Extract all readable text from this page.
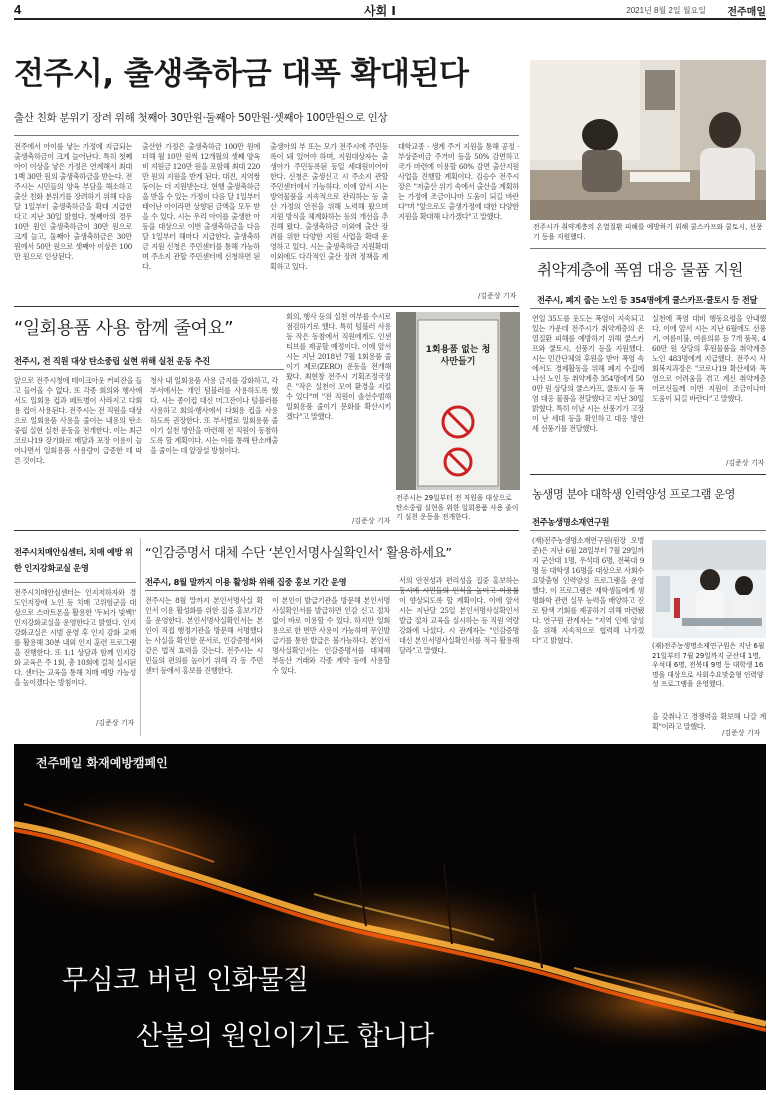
4	사회 I	2021년 8월 2일 월요일 전주매일
전주시, 출생축하금 대폭 확대된다
출산 친화 분위기 장려 위해 첫째아 30만원·둘째아 50만원·셋째아 100만원으로 인상
전주에서 아이를 낳는 가정에 지급되는 출생축하금이 크게 늘어난다. 특히 첫째 아이 이상을 낳은 가정은 연계해서 최대 1백 30만 원의 출생축하금을 받는다. 전주시는 시민들의 양육 부담을 해소하고 출산 친화 분위기를 장려하기 위해 다음 달 1일부터 출생축하금을 확대 지급한다고 지난 30일 밝혔다. 첫째아의 경우 10만 원인 출생축하금이 30만 원으로 크게 늘고, 둘째아 출생축하금은 30만 원에서 50만 원으로 셋째아 이상은 100만 원으로 인상된다.
출산한 가정은 출생축하금 100만 원에 더해 월 10만 원씩 12개월의 셋째 양육비 지원금 120만 원을 포함해 최대 220만 원의 지원을 받게 된다. 대진, 지역쌍둥이는 더 지원받는다. 현행 출생축하금을 받을 수 있는 가정이 다음 달 1일부터 태어난 아이라면 상향된 금액을 모두 받을 수 있다. 시는 우리 아이를 출생한 아동을 대상으로 이번 출생축하금을 다음 달 1일부터 해마다 지급한다. 출생축하금 지원 신청은 주민센터를 통해 가능하며 주소지 관할 주민센터에 신청하면 된다.
출생아의 부 또는 모가 전주시에 주민등록이 돼 있어야 하며, 지원대상자는 출생아가 주민등록된 동일 세대원이어야 한다. 신청은 출생신고 시 주소지 관할 주민센터에서 가능하다. 이에 앞서 시는 방역물품을 지속적으로 관리하는 등 출산 가정의 안전을 위해 노력해 왔으며 지원 방식을 체계화하는 등의 개선을 추진해 왔다. 출생축하금 이외에 출산 장려를 위한 다양한 지원 사업을 확대 운영하고 있다. 시는 출생축하금 지원확대 이외에도 다각적인 출산 장려 정책을 계획하고 있다.
대학교종 · 생계 주거 지원을 통해 공정 · 부상준비금 주거비 등을 50% 감면하고 국가 마련에 이용할 60% 감면 출산지원사업을 진행할 계획이다. 김승수 전주시장은 "저출산 위기 속에서 출산을 계획하는 가정에 조금이나마 도움이 되길 바란다"며 "앞으로도 출생가정에 대한 다양한 지원을 확대해 나가겠다"고 말했다.
/김준상 기자
전주시가 취약계층의 온열질환 피해를 예방하기 위해 쿨스카프와 쿨토시, 선풍기 등을 지원했다.
취약계층에 폭염 대응 물품 지원
전주시, 폐지 줍는 노인 등 354명에게 쿨스카프·쿨토시 등 전달
연일 35도를 웃도는 폭염이 지속되고 있는 가운데 전주시가 취약계층의 온열질환 피해를 예방하기 위해 쿨스카프와 쿨토시, 선풍기 등을 지원했다. 시는 민간단체의 후원을 받아 폭염 속에서도 경제활동을 위해 폐지 수집에 나선 노인 등 취약계층 354명에게 500만 원 상당의 쿨스카프, 쿨토시 등 폭염 대응 물품을 전달했다고 지난 30일 밝혔다. 특히 이날 시는 선풍기가 고장이 난 세대 등을 확인하고 대응 방안 세 선풍기를 전달했다.
실천에 폭염 대비 행동요령을 안내했다. 이에 앞서 시는 지난 6월에도 선풍기, 여름이불, 여름의류 등 7개 품목, 460만 원 상당의 후원물품을 취약계층 노인 483명에게 지급했다. 전주시 사회복지과장은 "코로나19 확산세와 폭염으로 어려움을 겪고 계신 취약계층 어르신들께 이번 지원이 조금이나마 도움이 되길 바란다"고 말했다.
/김준상 기자
“일회용품 사용 함께 줄여요”
전주시, 전 직원 대상 탄소중립 실현 위해 실천 운동 추진
앞으로 전주시청에 테이크아웃 커피잔을 들고 들어올 수 없다. 또 각종 회의와 행사에서도 일회용 컵과 페트병이 사라지고 다회용 컵이 사용된다. 전주시는 전 직원을 대상으로 일회용품 사용을 줄이는 내용의 탄소중립 실현 실천 운동을 전개한다. 이는 최근 코로나19 장기화로 배달과 포장 이용이 늘어나면서 일회용품 사용량이 급증한 데 따른 것이다.
청사 내 일회용품 사용 금지를 강화하고, 각 부서에서는 개인 텀블러를 사용하도록 했다. 시는 종이컵 대신 머그잔이나 텀블러를 사용하고 회의·행사에서 다회용 컵을 사용하도록 권장한다. 또 부서별로 일회용품 줄이기 실천 방안을 마련해 전 직원이 동참하도록 할 계획이다. 시는 이를 통해 탄소배출을 줄이는 데 앞장설 방침이다.
회의, 행사 등의 실천 여부를 수시로 점검하기로 했다. 특히 텀블러 사용 등 작은 동참에서 직원에게도 인센티브를 제공할 예정이다. 이에 앞서 시는 지난 2018년 7월 1회용품 줄이기 제로(ZERO) 운동을 전개해 왔다. 최현창 전주시 기획조정국장은 "작은 실천이 모여 환경을 지킬 수 있다"며 "전 직원이 솔선수범해 일회용품 줄이기 문화를 확산시키겠다"고 말했다.
/김준상 기자
1회용품 없는 청사만들기
전주시는 29일부터 전 직원을 대상으로 탄소중립 실현을 위한 일회용품 사용 줄이기 실천 운동을 전개한다.
전주시치매안심센터, 치매 예방 위한 인지강화교실 운영
전주시치매안심센터는 인지저하자와 경도인지장애 노인 등 치매 고위험군을 대상으로 스마트폰을 활용한 '두뇌가 빛쌕!' 인지강화교실을 운영한다고 밝혔다. 인지강화교실은 시범 운영 후 인지 강화 교재를 활용해 30분 내외 인지 훈련 프로그램을 진행한다. 또 1:1 상담과 함께 인지강화 교육은 주 1회, 총 10회에 걸쳐 실시된다. 센터는 교육을 통해 치매 예방 가능성을 높이겠다는 방침이다.
/김준상 기자
“인감증명서 대체 수단 ‘본인서명사실확인서’ 활용하세요”
전주시, 8월 말까지 이용 활성화 위해 집중 홍보 기간 운영
전주시는 8월 말까지 본인서명사실 확인서 이용 활성화를 위한 집중 홍보기간을 운영한다. 본인서명사실확인서는 본인이 직접 행정기관을 방문해 서명했다는 사실을 확인한 문서로, 인감증명서와 같은 법적 효력을 갖는다. 전주시는 시민들의 편의를 높이기 위해 각 동 주민센터 등에서 홍보를 진행한다.
이 본인이 발급기관을 방문해 본인서명사실확인서를 발급하면 인감 신고 절차 없이 바로 이용할 수 있다. 하지만 일회용으로 한 번만 사용이 가능하며 무인발급기를 통한 발급은 불가능하다. 본인서명사실확인서는 인감증명서를 대체해 부동산 거래와 각종 계약 등에 사용할 수 있다.
서의 안전성과 편리성을 집중 홍보하는 동시에 시민들의 인식을 높이고 이용률이 향상되도록 할 계획이다. 이에 앞서 시는 지난달 25일 본인서명사실확인서 발급 절차 교육을 실시하는 등 직원 역량 강화에 나섰다. 시 관계자는 "인감증명 대신 본인서명사실확인서를 적극 활용해 달라"고 말했다.
농생명 분야 대학생 인력양성 프로그램 운영
전주농생명소재연구원
(재)전주농생명소재연구원(원장 오병준)은 지난 6월 28일부터 7월 29일까지 군산대 1명, 우석대 6명, 전북대 9명 등 대학생 16명을 대상으로 사회수요맞춤형 인력양성 프로그램을 운영했다. 이 프로그램은 재학생들에게 생명화학 관련 실무 능력을 배양하고 진로 탐색 기회를 제공하기 위해 마련됐다. 연구원 관계자는 "지역 인재 양성을 위해 지속적으로 협력해 나가겠다"고 밝혔다.
을 갖춰나고 경쟁력을 확보해 나갈 계획"이라고 말했다.
/김준상 기자
(재)전주농생명소재연구원은 지난 6월 21일부터 7월 29일까지 군산대 1명, 우석대 6명, 전북대 9명 등 대학생 16명을 대상으로 사회수요맞춤형 인력양성 프로그램을 운영했다.
전주매일 화재예방캠페인
무심코 버린 인화물질
산불의 원인이기도 합니다
